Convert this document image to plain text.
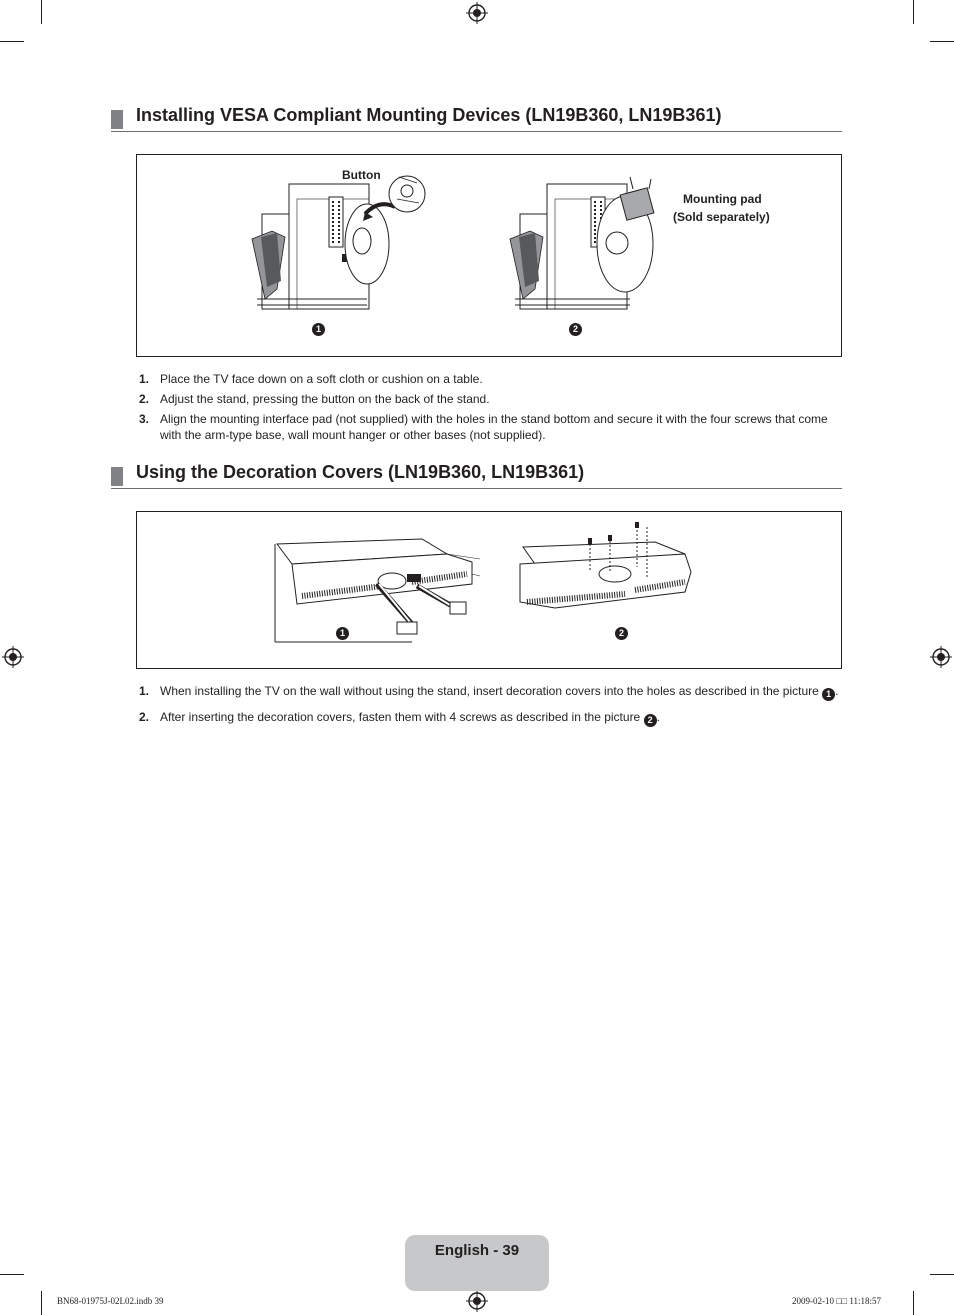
Installing VESA Compliant Mounting Devices (LN19B360, LN19B361)
Button
1
Mounting pad
(Sold separately)
2
1. Place the TV face down on a soft cloth or cushion on a table.
2. Adjust the stand, pressing the button on the back of the stand.
3. Align the mounting interface pad (not supplied) with the holes in the stand bottom and secure it with the four screws that come with the arm-type base, wall mount hanger or other bases (not supplied).
Using the Decoration Covers (LN19B360, LN19B361)
1	2
1. When installing the TV on the wall without using the stand, insert decoration covers into the holes as described in the picture 1 .
2. After inserting the decoration covers, fasten them with 4 screws as described in the picture 2 .
English - 39
BN68-01975J-02L02.indb 39	2009-02-10 □□ 11:18:57
